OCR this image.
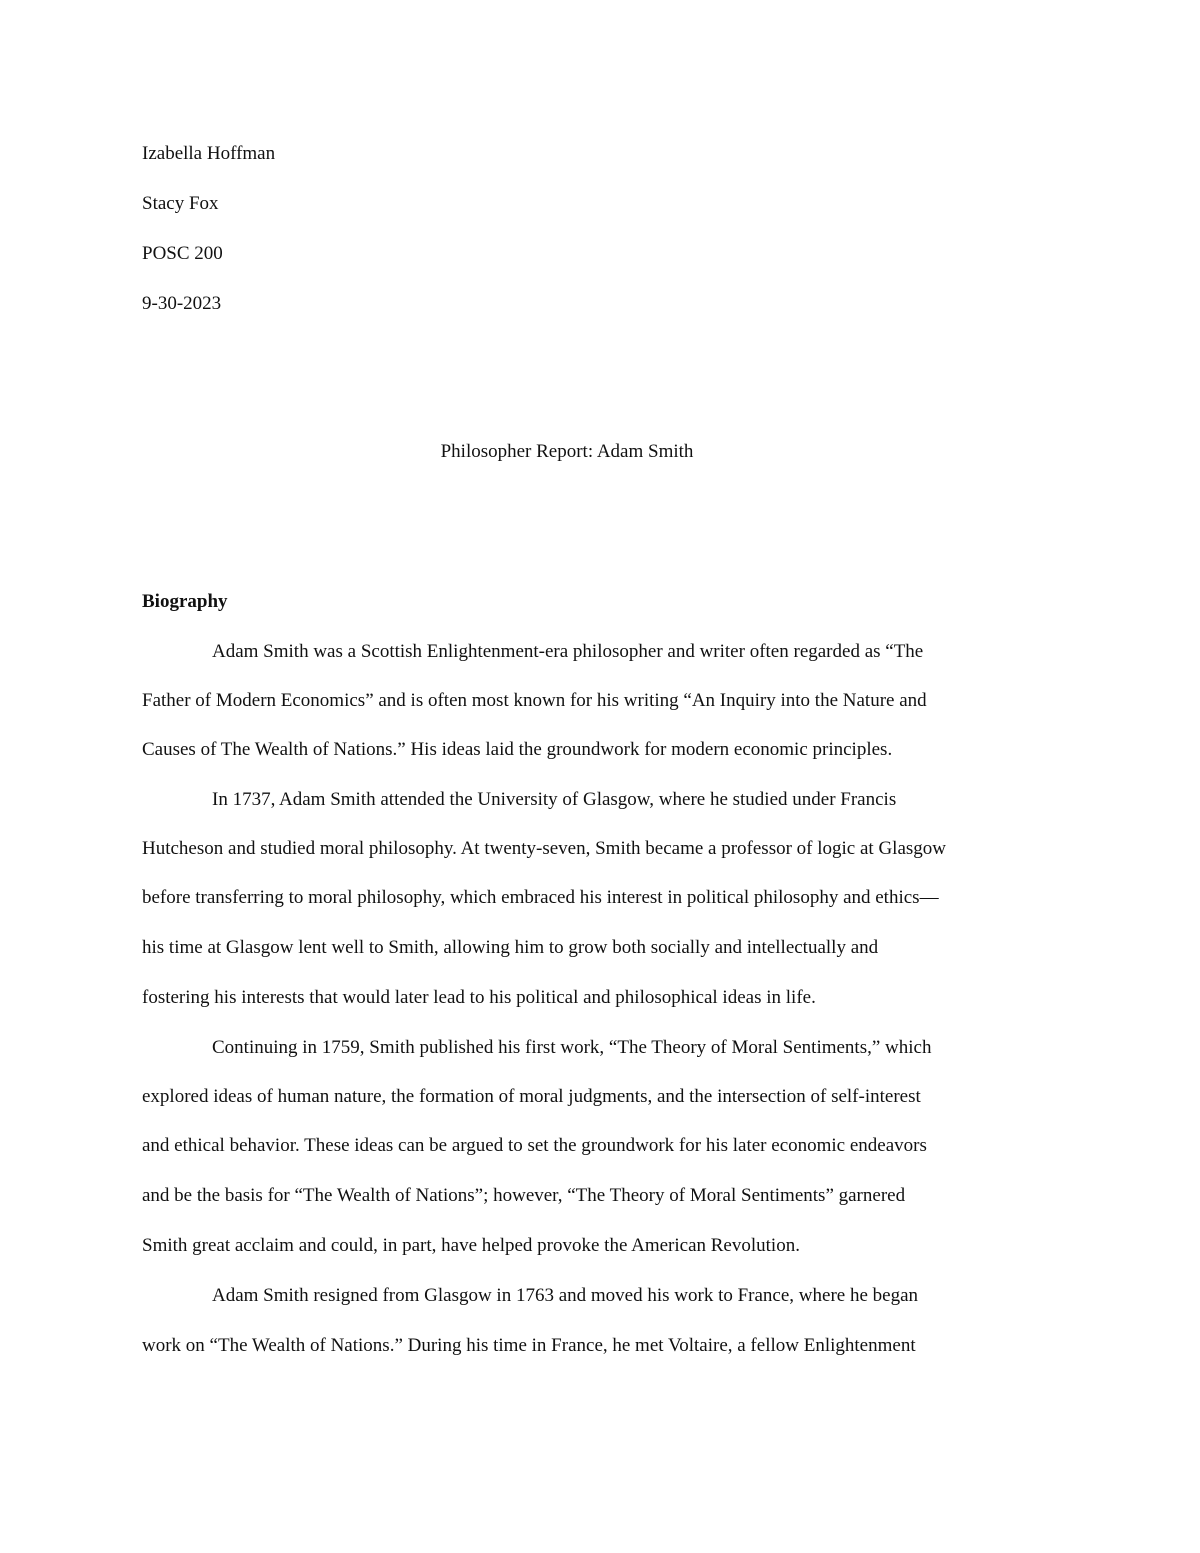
Izabella Hoffman
Stacy Fox
POSC 200
9-30-2023
Philosopher Report: Adam Smith
Biography
Adam Smith was a Scottish Enlightenment-era philosopher and writer often regarded as “The
Father of Modern Economics” and is often most known for his writing “An Inquiry into the Nature and
Causes of The Wealth of Nations.” His ideas laid the groundwork for modern economic principles.
In 1737, Adam Smith attended the University of Glasgow, where he studied under Francis
Hutcheson and studied moral philosophy. At twenty-seven, Smith became a professor of logic at Glasgow
before transferring to moral philosophy, which embraced his interest in political philosophy and ethics—
his time at Glasgow lent well to Smith, allowing him to grow both socially and intellectually and
fostering his interests that would later lead to his political and philosophical ideas in life.
Continuing in 1759, Smith published his first work, “The Theory of Moral Sentiments,” which
explored ideas of human nature, the formation of moral judgments, and the intersection of self-interest
and ethical behavior. These ideas can be argued to set the groundwork for his later economic endeavors
and be the basis for “The Wealth of Nations”; however, “The Theory of Moral Sentiments” garnered
Smith great acclaim and could, in part, have helped provoke the American Revolution.
Adam Smith resigned from Glasgow in 1763 and moved his work to France, where he began
work on “The Wealth of Nations.” During his time in France, he met Voltaire, a fellow Enlightenment
